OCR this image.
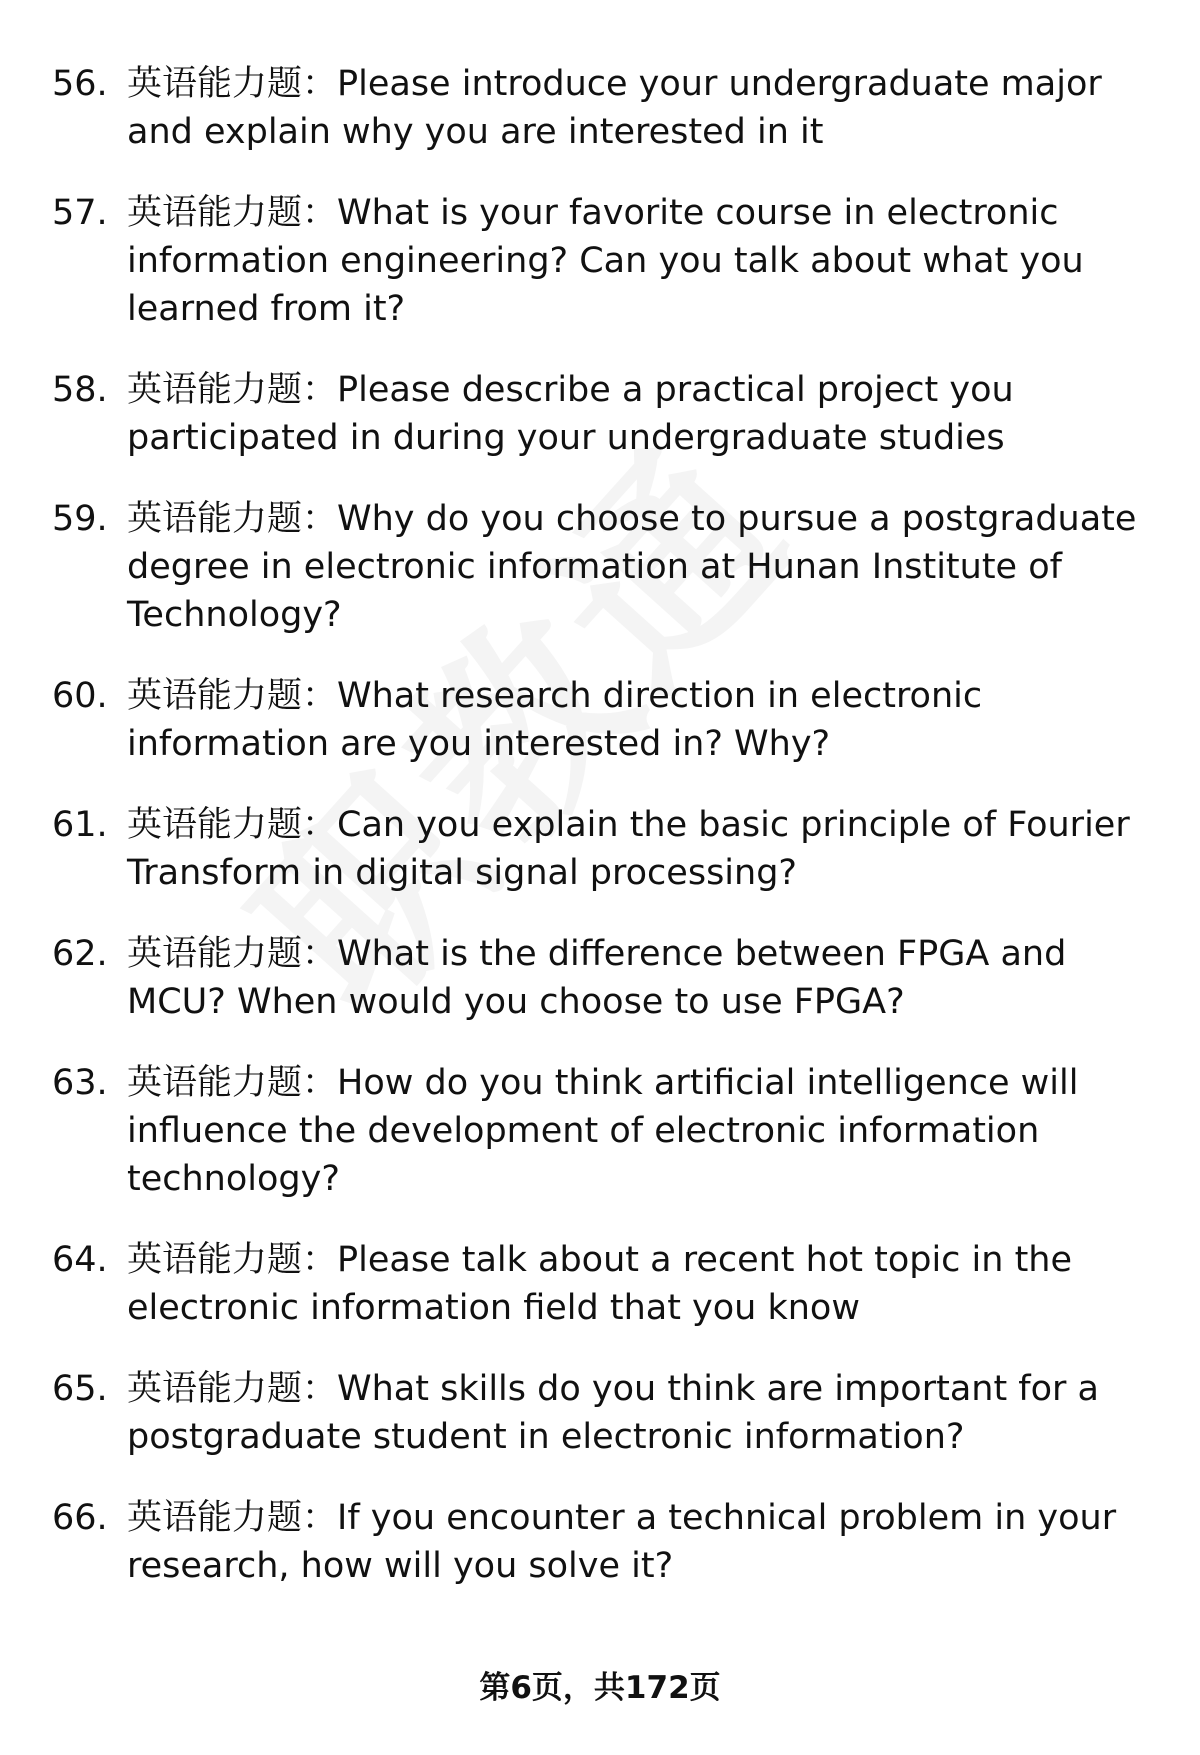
56. 英语能力题：Please introduce your undergraduate major and explain why you are interested in it
57. 英语能力题：What is your favorite course in electronic information engineering? Can you talk about what you learned from it?
58. 英语能力题：Please describe a practical project you participated in during your undergraduate studies
59. 英语能力题：Why do you choose to pursue a postgraduate degree in electronic information at Hunan Institute of Technology?
60. 英语能力题：What research direction in electronic information are you interested in? Why?
61. 英语能力题：Can you explain the basic principle of Fourier Transform in digital signal processing?
62. 英语能力题：What is the difference between FPGA and MCU? When would you choose to use FPGA?
63. 英语能力题：How do you think artificial intelligence will influence the development of electronic information technology?
64. 英语能力题：Please talk about a recent hot topic in the electronic information field that you know
65. 英语能力题：What skills do you think are important for a postgraduate student in electronic information?
66. 英语能力题：If you encounter a technical problem in your research, how will you solve it?
第6页，共172页
